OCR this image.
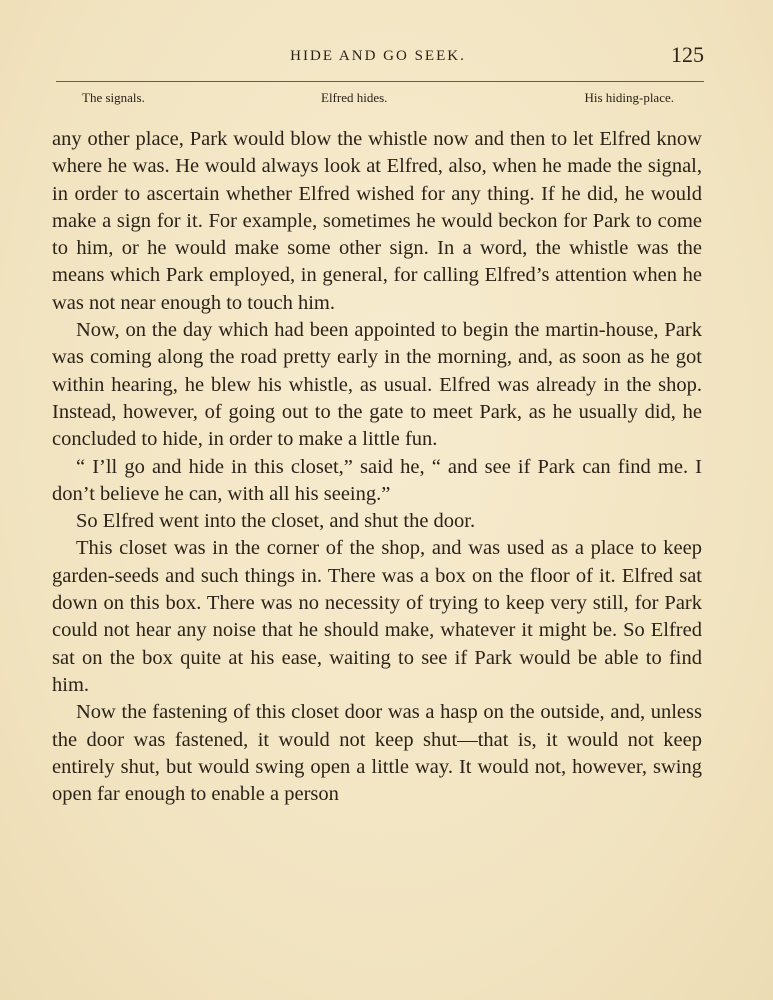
HIDE AND GO SEEK.	125
The signals.	Elfred hides.	His hiding-place.

any other place, Park would blow the whistle now and then to let Elfred know where he was. He would always look at Elfred, also, when he made the signal, in order to ascertain whether Elfred wished for any thing. If he did, he would make a sign for it. For example, sometimes he would beckon for Park to come to him, or he would make some other sign. In a word, the whistle was the means which Park employed, in general, for calling Elfred’s attention when he was not near enough to touch him.

Now, on the day which had been appointed to begin the martin-house, Park was coming along the road pretty early in the morning, and, as soon as he got within hearing, he blew his whistle, as usual. Elfred was already in the shop. Instead, however, of going out to the gate to meet Park, as he usually did, he concluded to hide, in order to make a little fun.

“ I’ll go and hide in this closet,” said he, “ and see if Park can find me. I don’t believe he can, with all his seeing.”

So Elfred went into the closet, and shut the door.

This closet was in the corner of the shop, and was used as a place to keep garden-seeds and such things in. There was a box on the floor of it. Elfred sat down on this box. There was no necessity of trying to keep very still, for Park could not hear any noise that he should make, whatever it might be. So Elfred sat on the box quite at his ease, waiting to see if Park would be able to find him.

Now the fastening of this closet door was a hasp on the outside, and, unless the door was fastened, it would not keep shut—that is, it would not keep entirely shut, but would swing open a little way. It would not, however, swing open far enough to enable a person
